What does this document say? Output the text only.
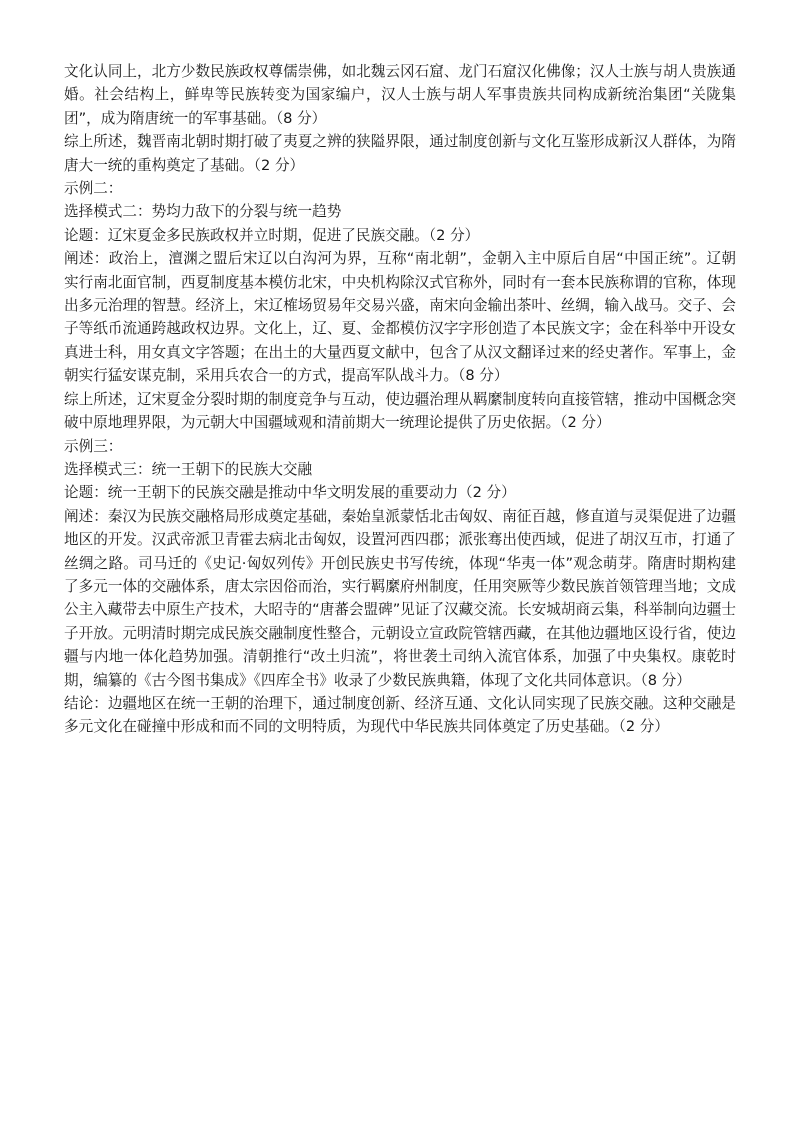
文化认同上，北方少数民族政权尊儒崇佛，如北魏云冈石窟、龙门石窟汉化佛像；汉人士族与胡人贵族通婚。社会结构上，鲜卑等民族转变为国家编户，汉人士族与胡人军事贵族共同构成新统治集团“关陇集团”，成为隋唐统一的军事基础。（8 分）

综上所述，魏晋南北朝时期打破了夷夏之辨的狭隘界限，通过制度创新与文化互鉴形成新汉人群体，为隋唐大一统的重构奠定了基础。（2 分）

示例二：

选择模式二：势均力敌下的分裂与统一趋势

论题：辽宋夏金多民族政权并立时期，促进了民族交融。（2 分）

阐述：政治上，澶渊之盟后宋辽以白沟河为界，互称“南北朝”，金朝入主中原后自居“中国正统”。辽朝实行南北面官制，西夏制度基本模仿北宋，中央机构除汉式官称外，同时有一套本民族称谓的官称，体现出多元治理的智慧。经济上，宋辽榷场贸易年交易兴盛，南宋向金输出茶叶、丝绸，输入战马。交子、会子等纸币流通跨越政权边界。文化上，辽、夏、金都模仿汉字字形创造了本民族文字；金在科举中开设女真进士科，用女真文字答题；在出土的大量西夏文献中，包含了从汉文翻译过来的经史著作。军事上，金朝实行猛安谋克制，采用兵农合一的方式，提高军队战斗力。（8 分）

综上所述，辽宋夏金分裂时期的制度竞争与互动，使边疆治理从羁縻制度转向直接管辖，推动中国概念突破中原地理界限，为元朝大中国疆域观和清前期大一统理论提供了历史依据。（2 分）

示例三：

选择模式三：统一王朝下的民族大交融

论题：统一王朝下的民族交融是推动中华文明发展的重要动力（2 分）

阐述：秦汉为民族交融格局形成奠定基础，秦始皇派蒙恬北击匈奴、南征百越，修直道与灵渠促进了边疆地区的开发。汉武帝派卫青霍去病北击匈奴，设置河西四郡；派张骞出使西域，促进了胡汉互市，打通了丝绸之路。司马迁的《史记·匈奴列传》开创民族史书写传统，体现“华夷一体”观念萌芽。隋唐时期构建了多元一体的交融体系，唐太宗因俗而治，实行羁縻府州制度，任用突厥等少数民族首领管理当地；文成公主入藏带去中原生产技术，大昭寺的“唐蕃会盟碑”见证了汉藏交流。长安城胡商云集，科举制向边疆士子开放。元明清时期完成民族交融制度性整合，元朝设立宣政院管辖西藏，在其他边疆地区设行省，使边疆与内地一体化趋势加强。清朝推行“改土归流”，将世袭土司纳入流官体系，加强了中央集权。康乾时期，编纂的《古今图书集成》《四库全书》收录了少数民族典籍，体现了文化共同体意识。（8 分）

结论：边疆地区在统一王朝的治理下，通过制度创新、经济互通、文化认同实现了民族交融。这种交融是多元文化在碰撞中形成和而不同的文明特质，为现代中华民族共同体奠定了历史基础。（2 分）
